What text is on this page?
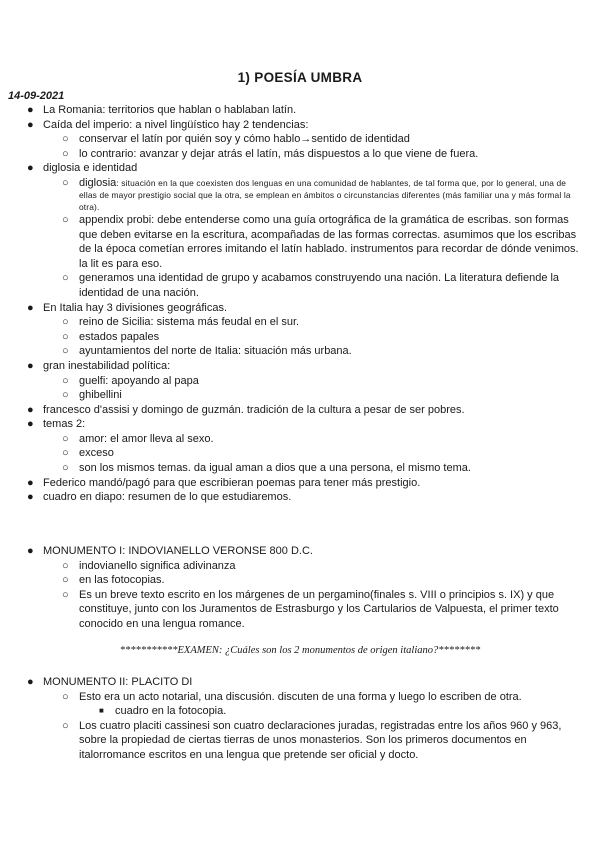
1) POESÍA UMBRA
14-09-2021
● La Romania: territorios que hablan o hablaban latín.
● Caída del imperio: a nivel lingüístico hay 2 tendencias:
○ conservar el latín por quién soy y cómo hablo→sentido de identidad
○ lo contrario: avanzar y dejar atrás el latín, más dispuestos a lo que viene de fuera.
● diglosia e identidad
○ diglosia: situación en la que coexisten dos lenguas en una comunidad de hablantes, de tal forma que, por lo general, una de ellas de mayor prestigio social que la otra, se emplean en ámbitos o circunstancias diferentes (más familiar una y más formal la otra).
○ appendix probi: debe entenderse como una guía ortográfica de la gramática de escribas. son formas que deben evitarse en la escritura, acompañadas de las formas correctas. asumimos que los escribas de la época cometían errores imitando el latín hablado. instrumentos para recordar de dónde venimos. la lit es para eso.
○ generamos una identidad de grupo y acabamos construyendo una nación. La literatura defiende la identidad de una nación.
● En Italia hay 3 divisiones geográficas.
○ reino de Sicilia: sistema más feudal en el sur.
○ estados papales
○ ayuntamientos del norte de Italia: situación más urbana.
● gran inestabilidad política:
○ guelfi: apoyando al papa
○ ghibellini
● francesco d'assisi y domingo de guzmán. tradición de la cultura a pesar de ser pobres.
● temas 2:
○ amor: el amor lleva al sexo.
○ exceso
○ son los mismos temas. da igual aman a dios que a una persona, el mismo tema.
● Federico mandó/pagó para que escribieran poemas para tener más prestigio.
● cuadro en diapo: resumen de lo que estudiaremos.
● MONUMENTO I: INDOVIANELLO VERONSE 800 D.C.
○ indovianello significa adivinanza
○ en las fotocopias.
○ Es un breve texto escrito en los márgenes de un pergamino(finales s. VIII o principios s. IX) y que constituye, junto con los Juramentos de Estrasburgo y los Cartularios de Valpuesta, el primer texto conocido en una lengua romance.
***********EXAMEN: ¿Cuáles son los 2 monumentos de origen italiano?********
● MONUMENTO II: PLACITO DI
○ Esto era un acto notarial, una discusión. discuten de una forma y luego lo escriben de otra.
■ cuadro en la fotocopia.
○ Los cuatro placiti cassinesi son cuatro declaraciones juradas, registradas entre los años 960 y 963, sobre la propiedad de ciertas tierras de unos monasterios. Son los primeros documentos en italorromance escritos en una lengua que pretende ser oficial y docto.
